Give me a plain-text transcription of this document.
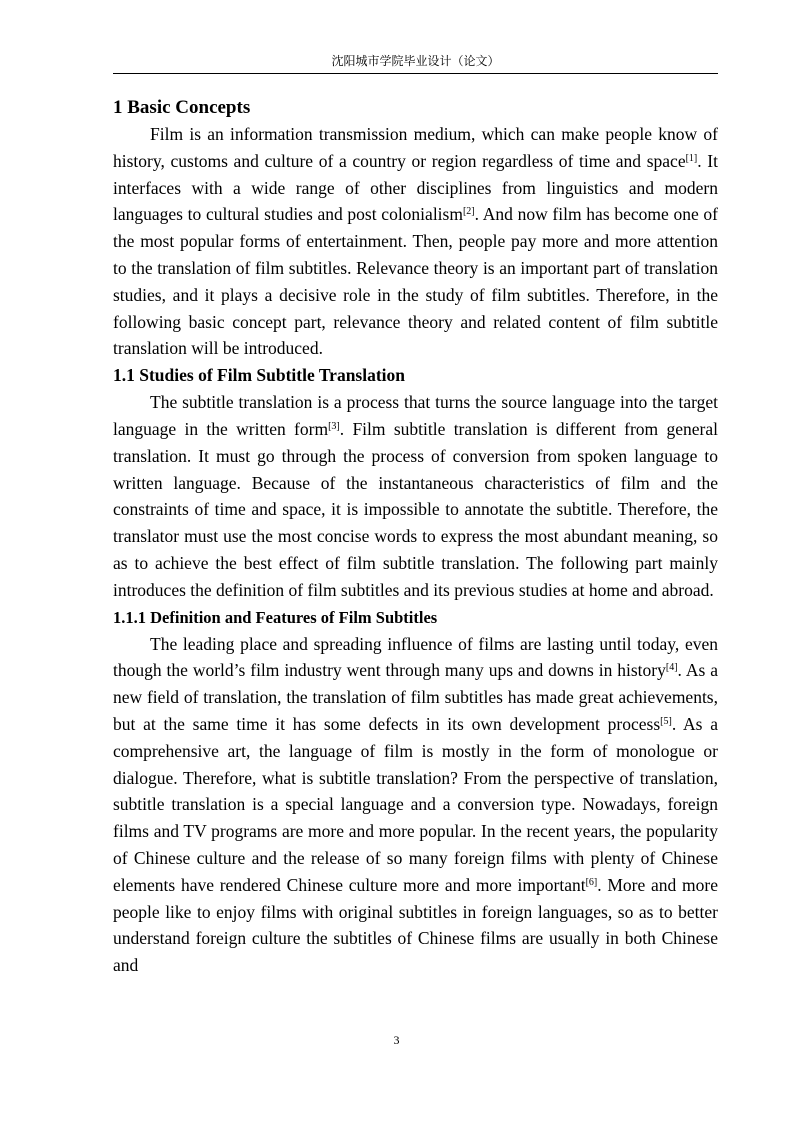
沈阳城市学院毕业设计（论文）
1 Basic Concepts

Film is an information transmission medium, which can make people know of history, customs and culture of a country or region regardless of time and space[1]. It interfaces with a wide range of other disciplines from linguistics and modern languages to cultural studies and post colonialism[2]. And now film has become one of the most popular forms of entertainment. Then, people pay more and more attention to the translation of film subtitles. Relevance theory is an important part of translation studies, and it plays a decisive role in the study of film subtitles. Therefore, in the following basic concept part, relevance theory and related content of film subtitle translation will be introduced.

1.1 Studies of Film Subtitle Translation

The subtitle translation is a process that turns the source language into the target language in the written form[3]. Film subtitle translation is different from general translation. It must go through the process of conversion from spoken language to written language. Because of the instantaneous characteristics of film and the constraints of time and space, it is impossible to annotate the subtitle. Therefore, the translator must use the most concise words to express the most abundant meaning, so as to achieve the best effect of film subtitle translation. The following part mainly introduces the definition of film subtitles and its previous studies at home and abroad.

1.1.1 Definition and Features of Film Subtitles

The leading place and spreading influence of films are lasting until today, even though the world’s film industry went through many ups and downs in history[4]. As a new field of translation, the translation of film subtitles has made great achievements, but at the same time it has some defects in its own development process[5]. As a comprehensive art, the language of film is mostly in the form of monologue or dialogue. Therefore, what is subtitle translation? From the perspective of translation, subtitle translation is a special language and a conversion type. Nowadays, foreign films and TV programs are more and more popular. In the recent years, the popularity of Chinese culture and the release of so many foreign films with plenty of Chinese elements have rendered Chinese culture more and more important[6]. More and more people like to enjoy films with original subtitles in foreign languages, so as to better understand foreign culture the subtitles of Chinese films are usually in both Chinese and

3
